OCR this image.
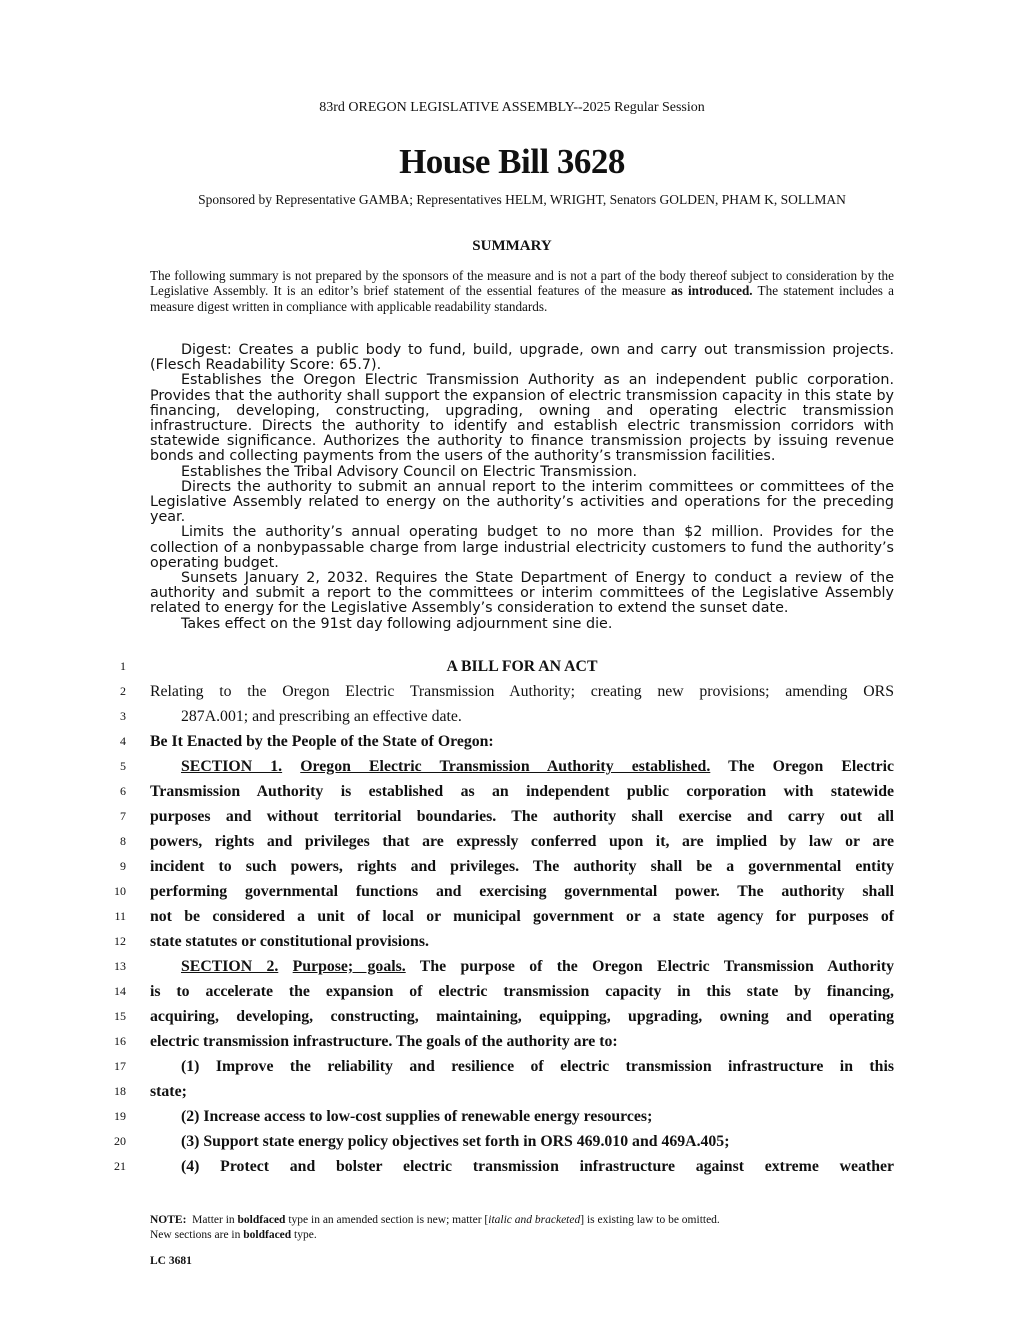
83rd OREGON LEGISLATIVE ASSEMBLY--2025 Regular Session
House Bill 3628
Sponsored by Representative GAMBA; Representatives HELM, WRIGHT, Senators GOLDEN, PHAM K, SOLLMAN
SUMMARY
The following summary is not prepared by the sponsors of the measure and is not a part of the body thereof subject to consideration by the Legislative Assembly. It is an editor’s brief statement of the essential features of the measure as introduced. The statement includes a measure digest written in compliance with applicable readability standards.

Digest: Creates a public body to fund, build, upgrade, own and carry out transmission projects. (Flesch Readability Score: 65.7).

Establishes the Oregon Electric Transmission Authority as an independent public corporation. Provides that the authority shall support the expansion of electric transmission capacity in this state by financing, developing, constructing, upgrading, owning and operating electric transmission infrastructure. Directs the authority to identify and establish electric transmission corridors with statewide significance. Authorizes the authority to finance transmission projects by issuing revenue bonds and collecting payments from the users of the authority’s transmission facilities.

Establishes the Tribal Advisory Council on Electric Transmission.

Directs the authority to submit an annual report to the interim committees or committees of the Legislative Assembly related to energy on the authority’s activities and operations for the preceding year.

Limits the authority’s annual operating budget to no more than $2 million. Provides for the collection of a nonbypassable charge from large industrial electricity customers to fund the authority’s operating budget.

Sunsets January 2, 2032. Requires the State Department of Energy to conduct a review of the authority and submit a report to the committees or interim committees of the Legislative Assembly related to energy for the Legislative Assembly’s consideration to extend the sunset date.

Takes effect on the 91st day following adjournment sine die.

1	A BILL FOR AN ACT
2 Relating to the Oregon Electric Transmission Authority; creating new provisions; amending ORS
3	287A.001; and prescribing an effective date.
4 Be It Enacted by the People of the State of Oregon:
5	SECTION 1. Oregon Electric Transmission Authority established. The Oregon Electric
6 Transmission Authority is established as an independent public corporation with statewide
7 purposes and without territorial boundaries. The authority shall exercise and carry out all
8 powers, rights and privileges that are expressly conferred upon it, are implied by law or are
9 incident to such powers, rights and privileges. The authority shall be a governmental entity
10 performing governmental functions and exercising governmental power. The authority shall
11 not be considered a unit of local or municipal government or a state agency for purposes of
12 state statutes or constitutional provisions.
13	SECTION 2. Purpose; goals. The purpose of the Oregon Electric Transmission Authority
14 is to accelerate the expansion of electric transmission capacity in this state by financing,
15 acquiring, developing, constructing, maintaining, equipping, upgrading, owning and operating
16 electric transmission infrastructure. The goals of the authority are to:
17	(1) Improve the reliability and resilience of electric transmission infrastructure in this
18 state;
19	(2) Increase access to low-cost supplies of renewable energy resources;
20	(3) Support state energy policy objectives set forth in ORS 469.010 and 469A.405;
21	(4) Protect and bolster electric transmission infrastructure against extreme weather
NOTE: Matter in boldfaced type in an amended section is new; matter [italic and bracketed] is existing law to be omitted.
New sections are in boldfaced type.
LC 3681
